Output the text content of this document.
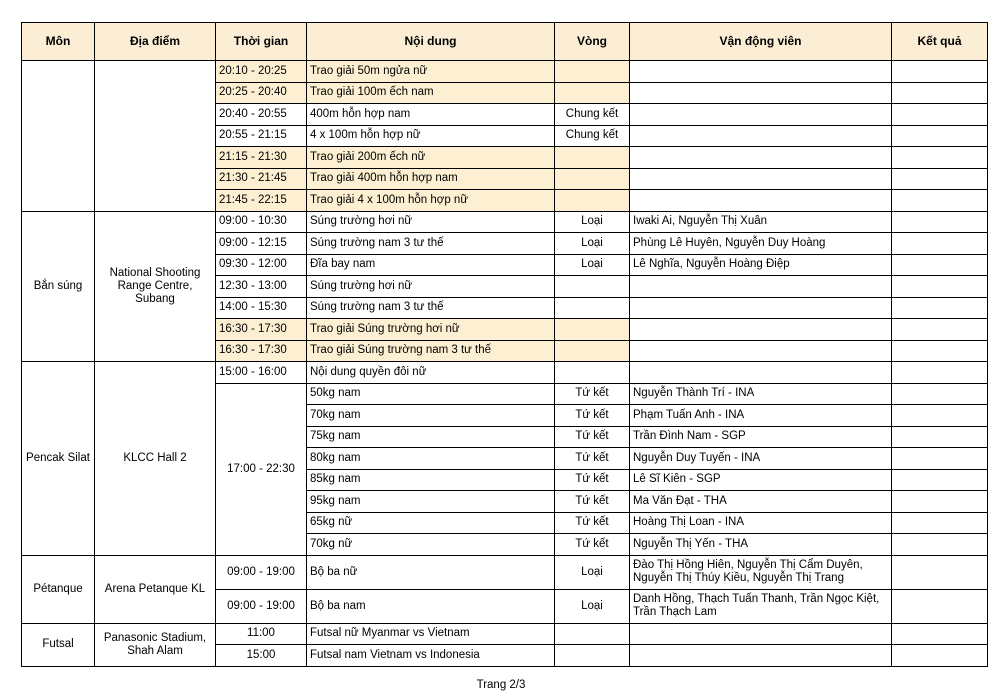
Môn	Địa điểm	Thời gian	Nội dung	Vòng	Vận động viên	Kết quả
		20:10 - 20:25	Trao giải 50m ngửa nữ			
		20:25 - 20:40	Trao giải 100m ếch nam			
		20:40 - 20:55	400m hỗn hợp nam	Chung kết		
		20:55 - 21:15	4 x 100m hỗn hợp nữ	Chung kết		
		21:15 - 21:30	Trao giải 200m ếch nữ			
		21:30 - 21:45	Trao giải 400m hỗn hợp nam			
		21:45 - 22:15	Trao giải 4 x 100m hỗn hợp nữ			
Bắn súng	National Shooting Range Centre, Subang	09:00 - 10:30	Súng trường hơi nữ	Loại	Iwaki Ai, Nguyễn Thị Xuân	
		09:00 - 12:15	Súng trường nam 3 tư thế	Loại	Phùng Lê Huyên, Nguyễn Duy Hoàng	
		09:30 - 12:00	Đĩa bay nam	Loại	Lê Nghĩa, Nguyễn Hoàng Điệp	
		12:30 - 13:00	Súng trường hơi nữ			
		14:00 - 15:30	Súng trường nam 3 tư thế			
		16:30 - 17:30	Trao giải Súng trường hơi nữ			
		16:30 - 17:30	Trao giải Súng trường nam 3 tư thế			
Pencak Silat	KLCC Hall 2	15:00 - 16:00	Nội dung quyền đôi nữ			
		17:00 - 22:30	50kg nam	Tứ kết	Nguyễn Thành Trí - INA	
			70kg nam	Tứ kết	Phạm Tuấn Anh - INA	
			75kg nam	Tứ kết	Trần Đình Nam - SGP	
			80kg nam	Tứ kết	Nguyễn Duy Tuyến - INA	
			85kg nam	Tứ kết	Lê Sĩ Kiên - SGP	
			95kg nam	Tứ kết	Ma Văn Đạt - THA	
			65kg nữ	Tứ kết	Hoàng Thị Loan - INA	
			70kg nữ	Tứ kết	Nguyễn Thị Yến - THA	
Pétanque	Arena Petanque KL	09:00 - 19:00	Bộ ba nữ	Loại	Đào Thị Hồng Hiên, Nguyễn Thị Cẩm Duyên,
Nguyễn Thị Thúy Kiều, Nguyễn Thị Trang	

		09:00 - 19:00	Bộ ba nam	Loại	Danh Hồng, Thạch Tuấn Thanh, Trần Ngọc Kiệt,
Trần Thạch Lam	

Futsal	Panasonic Stadium,
Shah Alam	11:00	Futsal nữ Myanmar vs Vietnam			
		15:00	Futsal nam Vietnam vs Indonesia			
Trang 2/3
